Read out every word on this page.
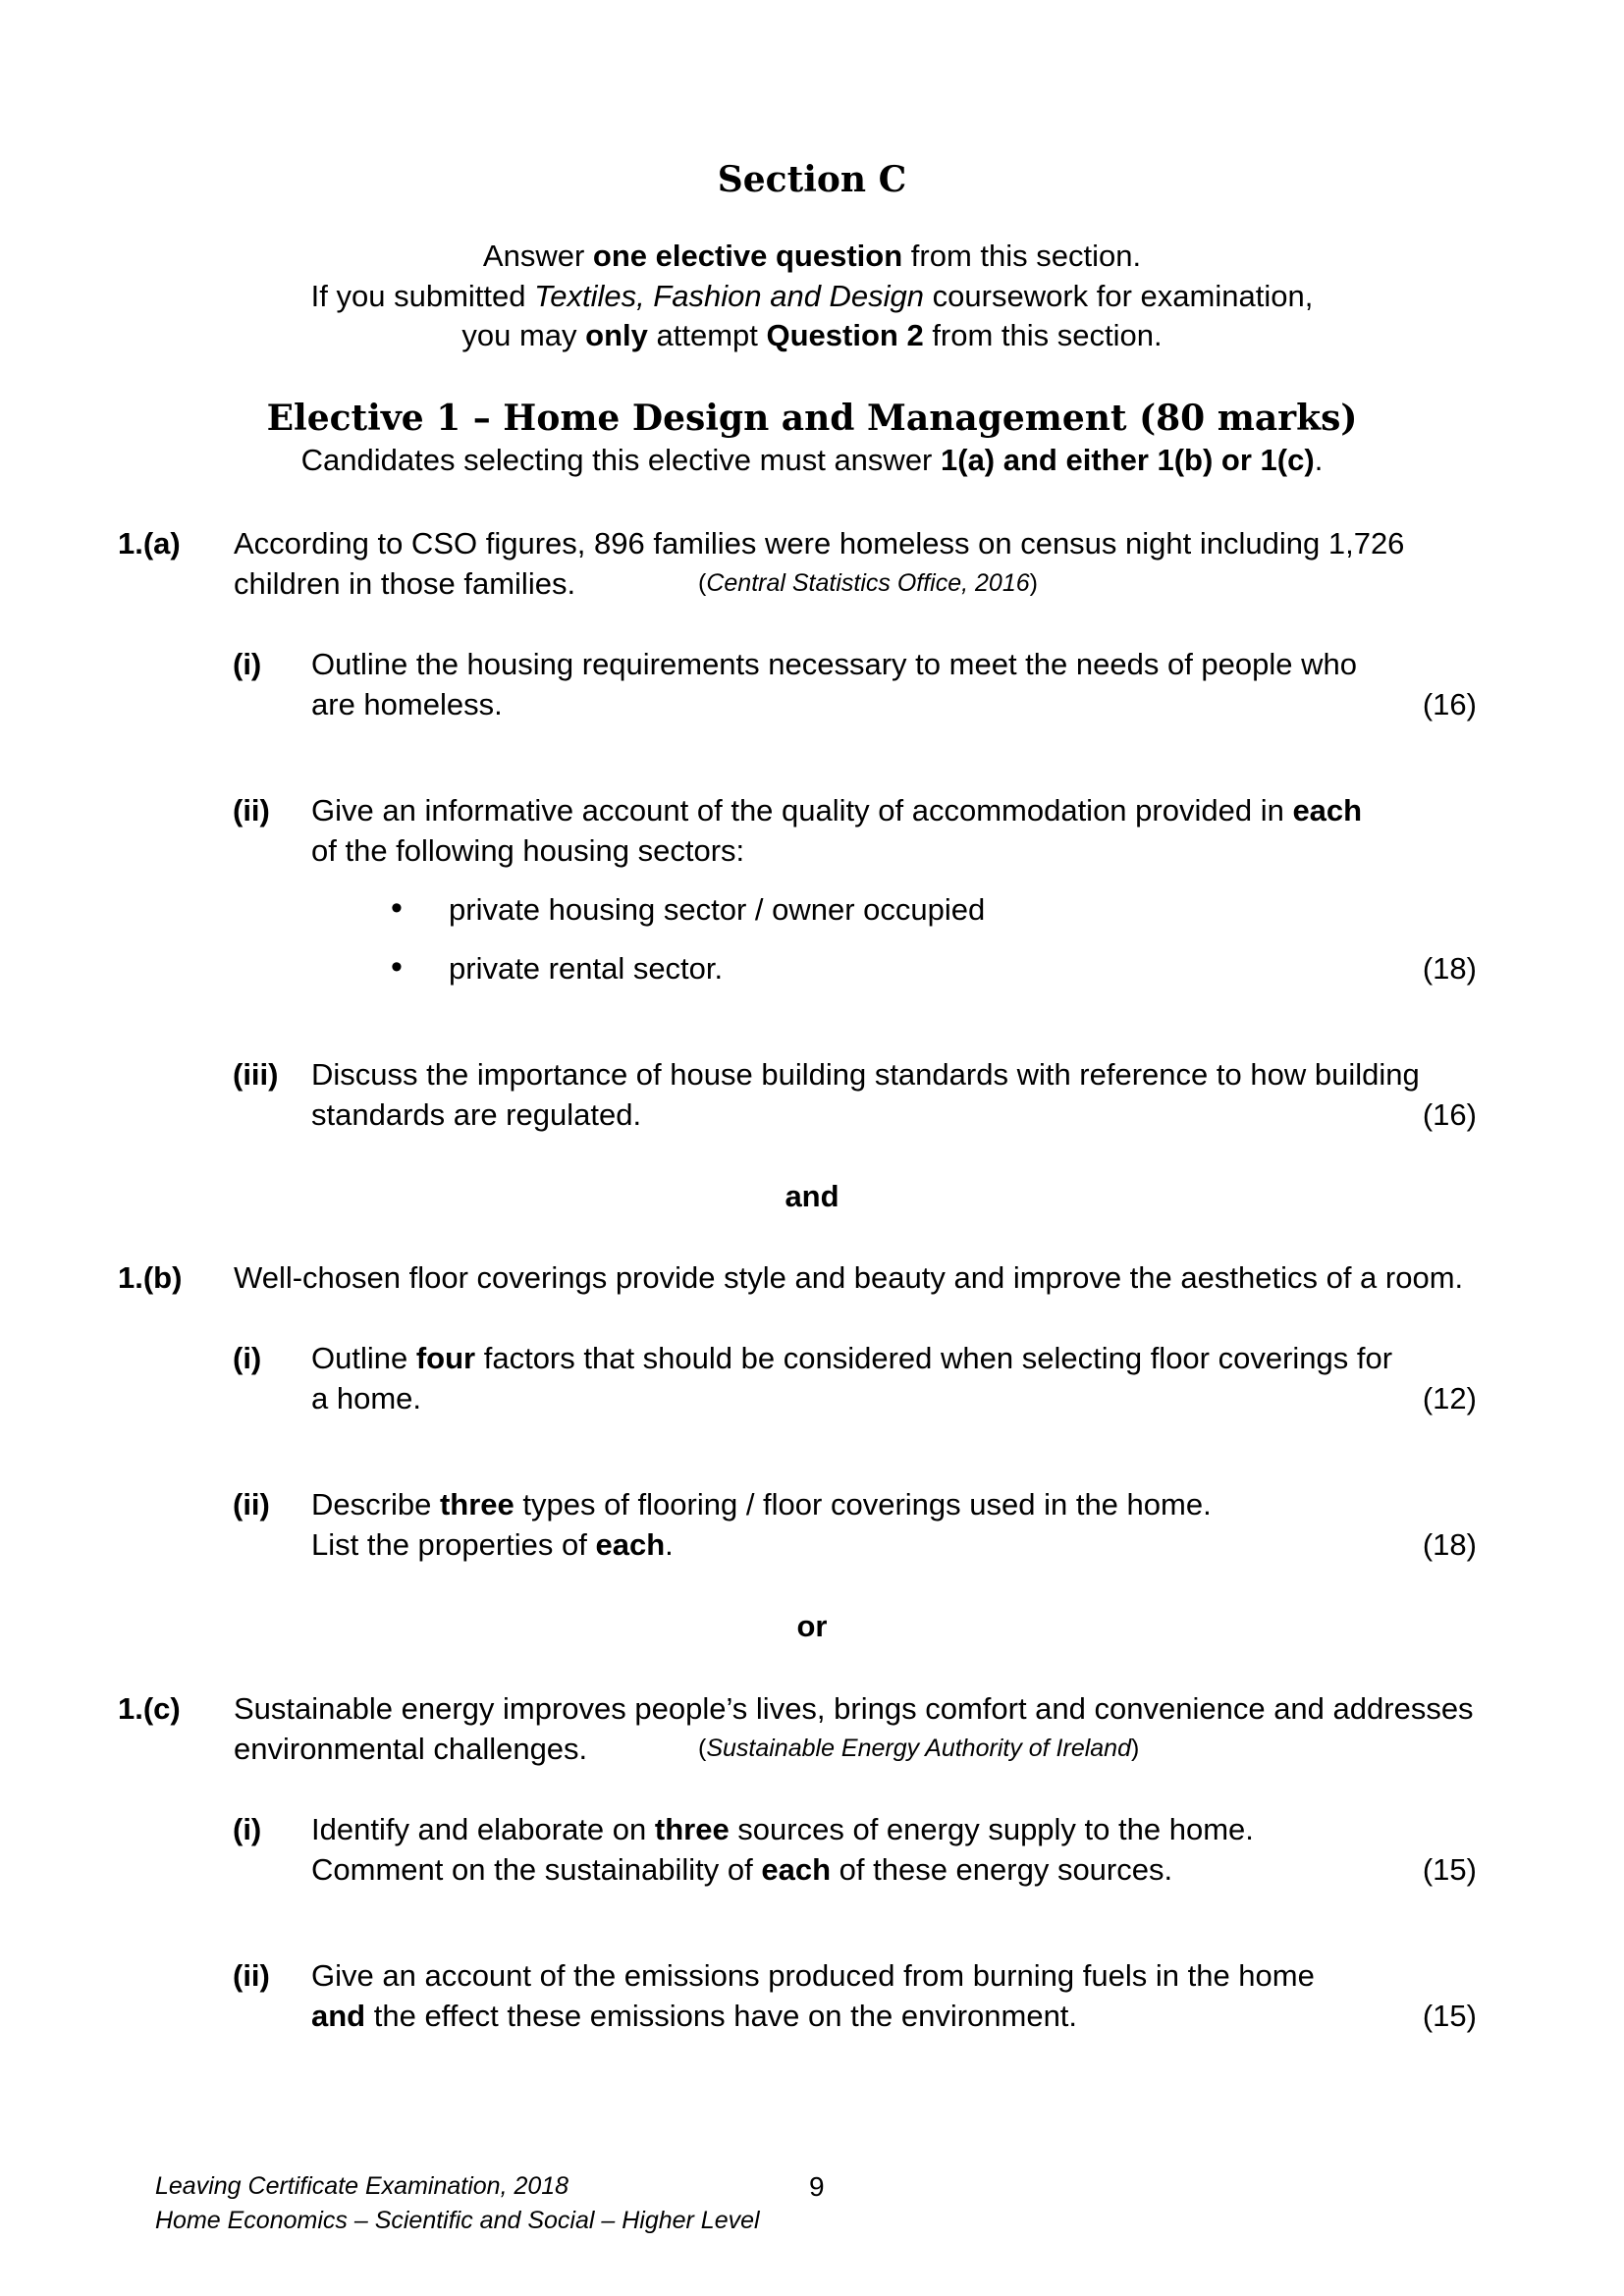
Section C
Answer one elective question from this section.
If you submitted Textiles, Fashion and Design coursework for examination,
you may only attempt Question 2 from this section.
Elective 1 – Home Design and Management (80 marks)
Candidates selecting this elective must answer 1(a) and either 1(b) or 1(c).
1.(a) According to CSO figures, 896 families were homeless on census night including 1,726
children in those families.	(Central Statistics Office, 2016)
(i) Outline the housing requirements necessary to meet the needs of people who
are homeless.	(16)
(ii) Give an informative account of the quality of accommodation provided in each
of the following housing sectors:
• private housing sector / owner occupied
• private rental sector.	(18)
(iii) Discuss the importance of house building standards with reference to how building
standards are regulated.	(16)
and
1.(b) Well-chosen floor coverings provide style and beauty and improve the aesthetics of a room.
(i) Outline four factors that should be considered when selecting floor coverings for
a home.	(12)
(ii) Describe three types of flooring / floor coverings used in the home.
List the properties of each.	(18)
or
1.(c) Sustainable energy improves people’s lives, brings comfort and convenience and addresses
environmental challenges.	(Sustainable Energy Authority of Ireland)
(i) Identify and elaborate on three sources of energy supply to the home.
Comment on the sustainability of each of these energy sources.	(15)
(ii) Give an account of the emissions produced from burning fuels in the home
and the effect these emissions have on the environment.	(15)
Leaving Certificate Examination, 2018
Home Economics – Scientific and Social – Higher Level
9
